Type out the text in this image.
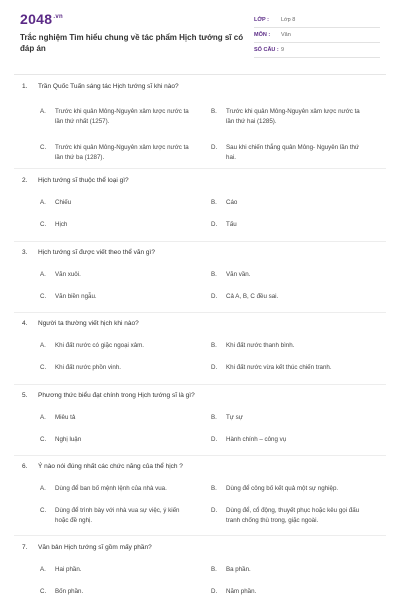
$2048^{.vn}$
Trắc nghiệm Tìm hiểu chung về tác phẩm Hịch tướng sĩ có đáp án
LỚP :	Lớp 8
MÔN :	Văn
SỐ CÂU : 9
1. Trần Quốc Tuấn sáng tác Hịch tướng sĩ khi nào?
A.	Trước khi quân Mông-Nguyên xâm lược nước ta lần thứ nhất (1257).
B.	Trước khi quân Mông-Nguyên xâm lược nước ta lần thứ hai (1285).
C.	Trước khi quân Mông-Nguyên xâm lược nước ta lần thứ ba (1287).
D.	Sau khi chiến thắng quân Mông- Nguyên lần thứ hai.
2. Hịch tướng sĩ thuộc thể loại gì?
A.	Chiếu	B.	Cáo
C.	Hịch	D.	Tấu
3. Hịch tướng sĩ được viết theo thể văn gì?
A.	Văn xuôi.	B.	Văn vần.
C.	Văn biền ngẫu.	D.	Cả A, B, C đều sai.
4. Người ta thường viết hịch khi nào?
A.	Khi đất nước có giặc ngoại xâm.	B.	Khi đất nước thanh bình.
C.	Khi đất nước phồn vinh.	D.	Khi đất nước vừa kết thúc chiến tranh.
5. Phương thức biểu đạt chính trong Hịch tướng sĩ là gì?
A.	Miêu tả	B.	Tự sự
C.	Nghị luận	D.	Hành chính – công vụ
6. Ý nào nói đúng nhất các chức năng của thể hịch ?
A.	Dùng để ban bố mệnh lệnh của nhà vua.	B.	Dùng để công bố kết quả một sự nghiệp.
C.	Dùng để trình bày với nhà vua sự việc, ý kiến hoặc đề nghị.
D.	Dùng để, cổ động, thuyết phục hoặc kêu gọi đấu tranh chống thù trong, giặc ngoài.
7. Văn bản Hịch tướng sĩ gồm mấy phần?
A.	Hai phần.	B.	Ba phần.
C.	Bốn phần.	D.	Năm phần.
